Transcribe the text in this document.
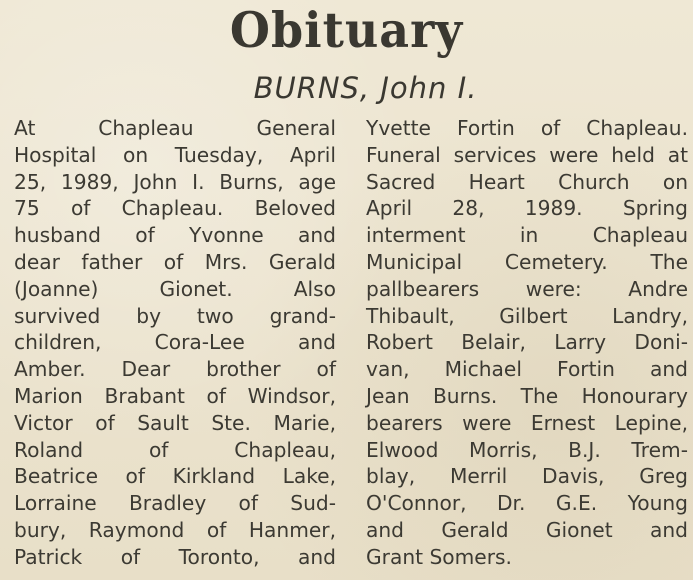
Obituary
BURNS, John I.
At Chapleau General
Hospital on Tuesday, April
25, 1989, John I. Burns, age
75 of Chapleau. Beloved
husband of Yvonne and
dear father of Mrs. Gerald
(Joanne) Gionet. Also
survived by two grand-
children, Cora-Lee and
Amber. Dear brother of
Marion Brabant of Windsor,
Victor of Sault Ste. Marie,
Roland of Chapleau,
Beatrice of Kirkland Lake,
Lorraine Bradley of Sud-
bury, Raymond of Hanmer,
Patrick of Toronto, and
Yvette Fortin of Chapleau.
Funeral services were held at
Sacred Heart Church on
April 28, 1989. Spring
interment in Chapleau
Municipal Cemetery. The
pallbearers were: Andre
Thibault, Gilbert Landry,
Robert Belair, Larry Doni-
van, Michael Fortin and
Jean Burns. The Honourary
bearers were Ernest Lepine,
Elwood Morris, B.J. Trem-
blay, Merril Davis, Greg
O'Connor, Dr. G.E. Young
and Gerald Gionet and
Grant Somers.
